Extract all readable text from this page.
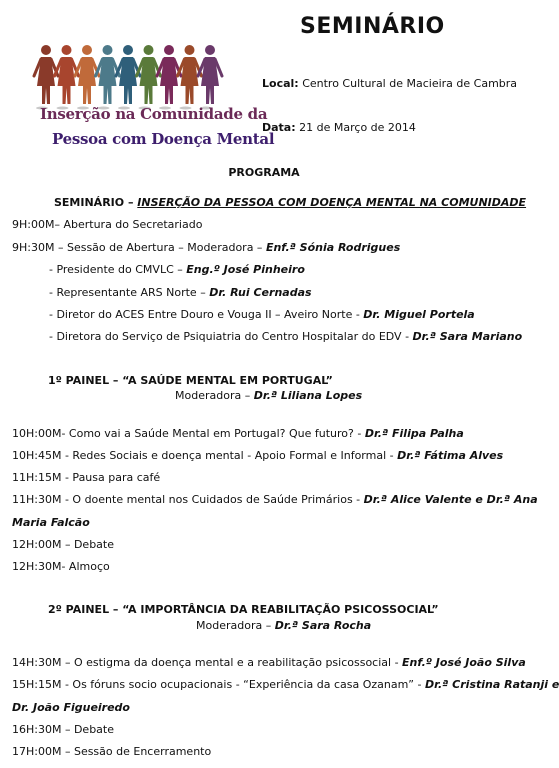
SEMINÁRIO
Inserção na Comunidade da
Pessoa com Doença Mental
Local: Centro Cultural de Macieira de Cambra
Data: 21 de Março de 2014
PROGRAMA
SEMINÁRIO – INSERÇÃO DA PESSOA COM DOENÇA MENTAL NA COMUNIDADE
1º PAINEL – “A SAÚDE MENTAL EM PORTUGAL”
Moderadora – Dr.ª Liliana Lopes
2º PAINEL – “A IMPORTÂNCIA DA REABILITAÇÃO PSICOSSOCIAL”
Moderadora – Dr.ª Sara Rocha
9H:00M– Abertura do Secretariado
9H:30M – Sessão de Abertura – Moderadora – Enf.ª Sónia Rodrigues
- Presidente do CMVLC – Eng.º José Pinheiro
- Representante ARS Norte – Dr. Rui Cernadas
- Diretor do ACES Entre Douro e Vouga II – Aveiro Norte - Dr. Miguel Portela
- Diretora do Serviço de Psiquiatria do Centro Hospitalar do EDV - Dr.ª Sara Mariano
10H:00M- Como vai a Saúde Mental em Portugal? Que futuro? - Dr.ª Filipa Palha
10H:45M - Redes Sociais e doença mental - Apoio Formal e Informal - Dr.ª Fátima Alves
11H:15M - Pausa para café
11H:30M - O doente mental nos Cuidados de Saúde Primários - Dr.ª Alice Valente e Dr.ª Ana
Maria Falcão
12H:00M – Debate
12H:30M- Almoço
14H:30M – O estigma da doença mental e a reabilitação psicossocial - Enf.º José João Silva
15H:15M - Os fóruns socio ocupacionais - “Experiência da casa Ozanam” - Dr.ª Cristina Ratanji e
Dr. João Figueiredo
16H:30M – Debate
17H:00M – Sessão de Encerramento
